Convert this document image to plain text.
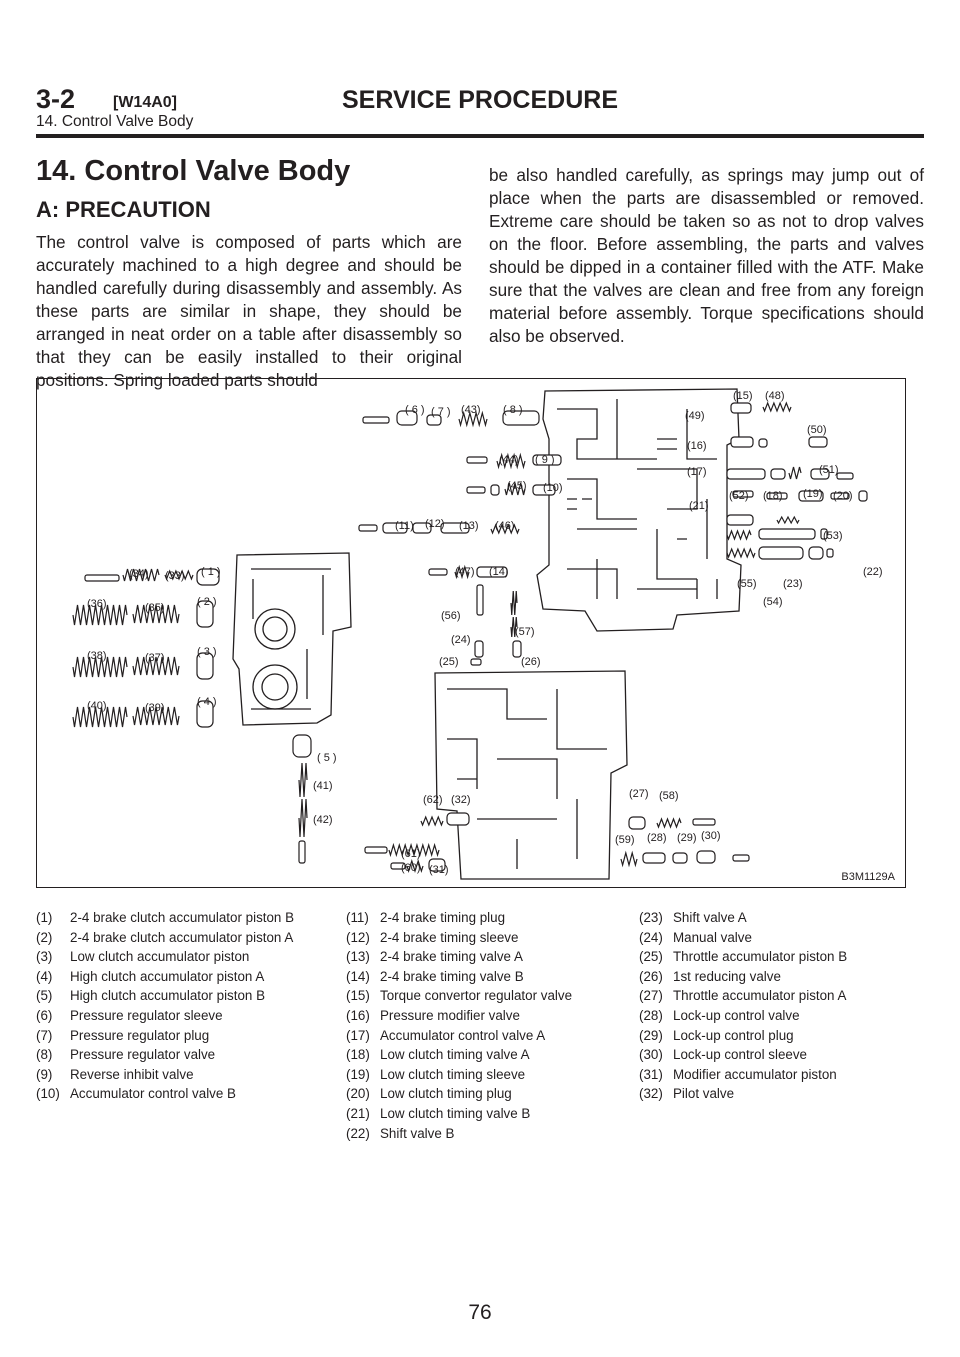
3-2 [W14A0]	SERVICE PROCEDURE
14. Control Valve Body
14. Control Valve Body
A: PRECAUTION

The control valve is composed of parts which are accurately machined to a high degree and should be handled carefully during disassembly and assembly. As these parts are similar in shape, they should be arranged in neat order on a table after disassembly so that they can be easily installed to their original positions. Spring loaded parts should

be also handled carefully, as springs may jump out of place when the parts are disassembled or removed. Extreme care should be taken so as not to drop valves on the floor. Before assembling, the parts and valves should be dipped in a container filled with the ATF. Make sure that the valves are clean and free from any foreign material before assembly. Torque specifications should also be observed.

( 6 ) ( 7 ) (43) ( 8 )
(15) (48)
(49)
(50)
(16)
(17)	(51)
(44) ( 9 )
(45) (10)
(52) (18) (19) (20)
(21)
(11) (12) (13) (46)
(53)
(22)
(55) (23)
(54)
(34) (33) ( 1 )	(47) (14)
(36)	(35)	( 2 )
(56)
(57)
(24)
(38)	(37)	( 3 )
(25)	(26)
(40)	(39)	( 4 )
( 5 )
(41)
(42)
(62) (32)	(27) (58)
(61)
(59) (28) (29) (30)
(60) (31)
B3M1129A
(1)	2-4 brake clutch accumulator piston B
(2)	2-4 brake clutch accumulator piston A
(3)	Low clutch accumulator piston
(4)	High clutch accumulator piston A
(5)	High clutch accumulator piston B
(6)	Pressure regulator sleeve
(7)	Pressure regulator plug
(8)	Pressure regulator valve
(9)	Reverse inhibit valve
(10) Accumulator control valve B
(11) 2-4 brake timing plug
(12) 2-4 brake timing sleeve
(13) 2-4 brake timing valve A
(14) 2-4 brake timing valve B
(15) Torque convertor regulator valve
(16) Pressure modifier valve
(17) Accumulator control valve A
(18) Low clutch timing valve A
(19) Low clutch timing sleeve
(20) Low clutch timing plug
(21) Low clutch timing valve B
(22) Shift valve B
(23) Shift valve A
(24) Manual valve
(25) Throttle accumulator piston B
(26) 1st reducing valve
(27) Throttle accumulator piston A
(28) Lock-up control valve
(29) Lock-up control plug
(30) Lock-up control sleeve
(31) Modifier accumulator piston
(32) Pilot valve
76
carmanualsonline.info
